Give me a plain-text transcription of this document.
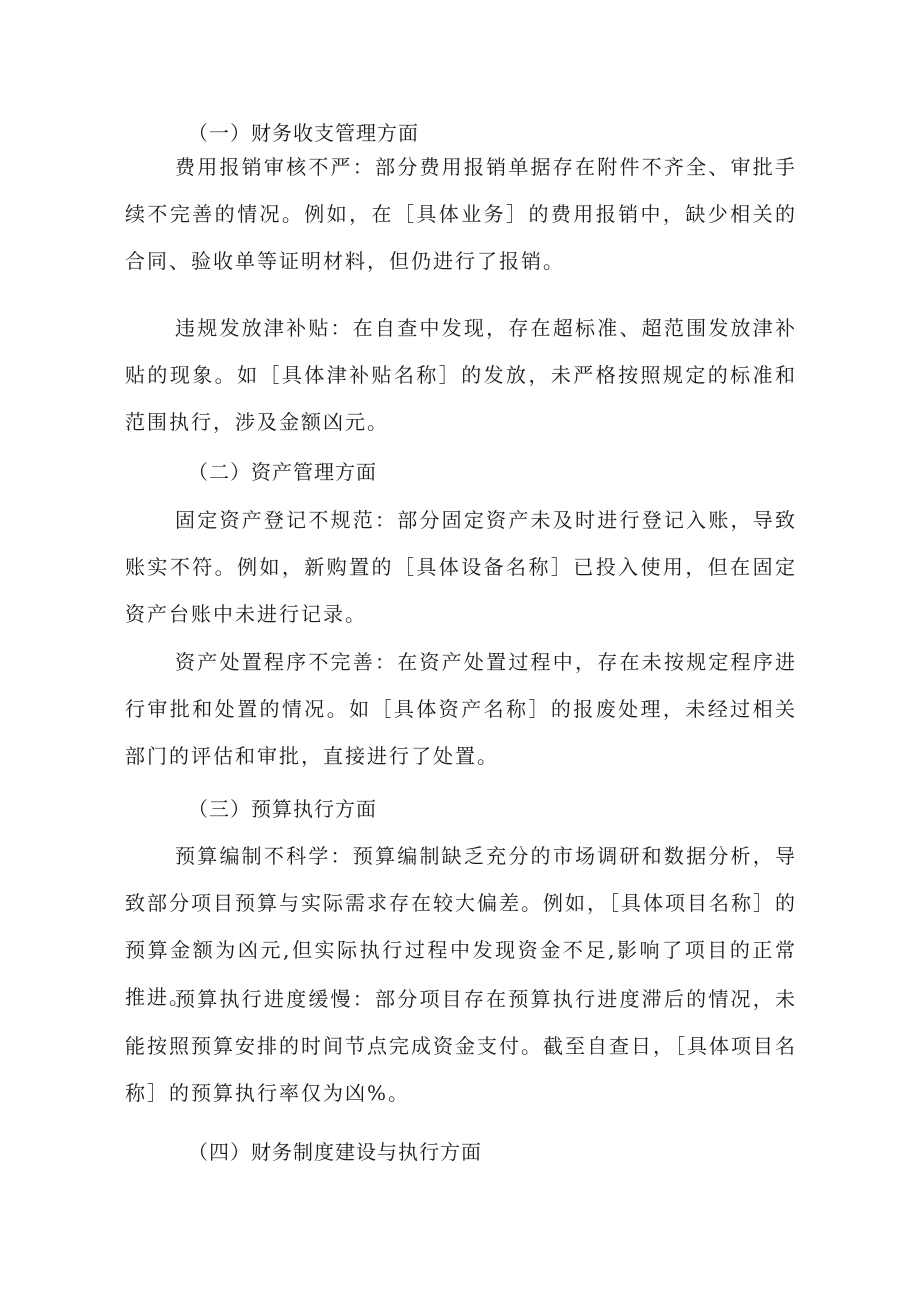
（一）财务收支管理方面

费用报销审核不严：部分费用报销单据存在附件不齐全、审批手续不完善的情况。例如，在［具体业务］的费用报销中，缺少相关的合同、验收单等证明材料，但仍进行了报销。

违规发放津补贴：在自查中发现，存在超标准、超范围发放津补贴的现象。如［具体津补贴名称］的发放，未严格按照规定的标准和范围执行，涉及金额凶元。

（二）资产管理方面

固定资产登记不规范：部分固定资产未及时进行登记入账，导致账实不符。例如，新购置的［具体设备名称］已投入使用，但在固定资产台账中未进行记录。

资产处置程序不完善：在资产处置过程中，存在未按规定程序进行审批和处置的情况。如［具体资产名称］的报废处理，未经过相关部门的评估和审批，直接进行了处置。

（三）预算执行方面

预算编制不科学：预算编制缺乏充分的市场调研和数据分析，导致部分项目预算与实际需求存在较大偏差。例如，［具体项目名称］的预算金额为凶元,但实际执行过程中发现资金不足,影响了项目的正常推进。

预算执行进度缓慢：部分项目存在预算执行进度滞后的情况，未能按照预算安排的时间节点完成资金支付。截至自查日，［具体项目名称］的预算执行率仅为凶%。

（四）财务制度建设与执行方面
